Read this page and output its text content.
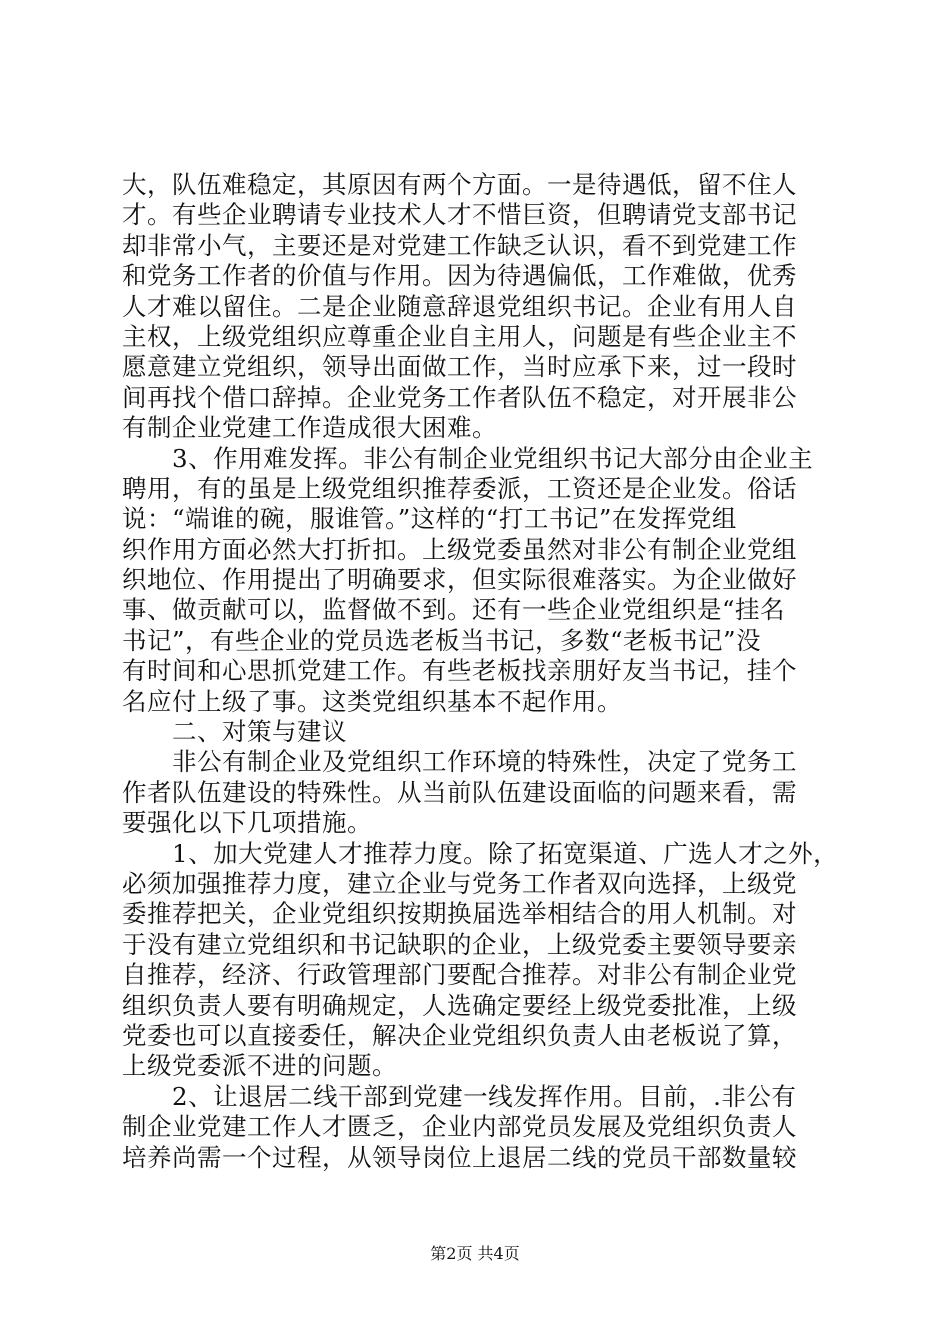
大，队伍难稳定，其原因有两个方面。一是待遇低，留不住人
才。有些企业聘请专业技术人才不惜巨资，但聘请党支部书记
却非常小气，主要还是对党建工作缺乏认识，看不到党建工作
和党务工作者的价值与作用。因为待遇偏低，工作难做，优秀
人才难以留住。二是企业随意辞退党组织书记。企业有用人自
主权，上级党组织应尊重企业自主用人，问题是有些企业主不
愿意建立党组织，领导出面做工作，当时应承下来，过一段时
间再找个借口辞掉。企业党务工作者队伍不稳定，对开展非公
有制企业党建工作造成很大困难。
　　3、作用难发挥。非公有制企业党组织书记大部分由企业主
聘用，有的虽是上级党组织推荐委派，工资还是企业发。俗话
说：“端谁的碗，服谁管。”这样的“打工书记”在发挥党组
织作用方面必然大打折扣。上级党委虽然对非公有制企业党组
织地位、作用提出了明确要求，但实际很难落实。为企业做好
事、做贡献可以，监督做不到。还有一些企业党组织是“挂名
书记”，有些企业的党员选老板当书记，多数“老板书记”没
有时间和心思抓党建工作。有些老板找亲朋好友当书记，挂个
名应付上级了事。这类党组织基本不起作用。
　　二、对策与建议
　　非公有制企业及党组织工作环境的特殊性，决定了党务工
作者队伍建设的特殊性。从当前队伍建设面临的问题来看，需
要强化以下几项措施。
　　1、加大党建人才推荐力度。除了拓宽渠道、广选人才之外，
必须加强推荐力度，建立企业与党务工作者双向选择，上级党
委推荐把关，企业党组织按期换届选举相结合的用人机制。对
于没有建立党组织和书记缺职的企业，上级党委主要领导要亲
自推荐，经济、行政管理部门要配合推荐。对非公有制企业党
组织负责人要有明确规定，人选确定要经上级党委批准，上级
党委也可以直接委任，解决企业党组织负责人由老板说了算，
上级党委派不进的问题。
　　2、让退居二线干部到党建一线发挥作用。目前，.非公有
制企业党建工作人才匮乏，企业内部党员发展及党组织负责人
培养尚需一个过程，从领导岗位上退居二线的党员干部数量较
第2页 共4页
